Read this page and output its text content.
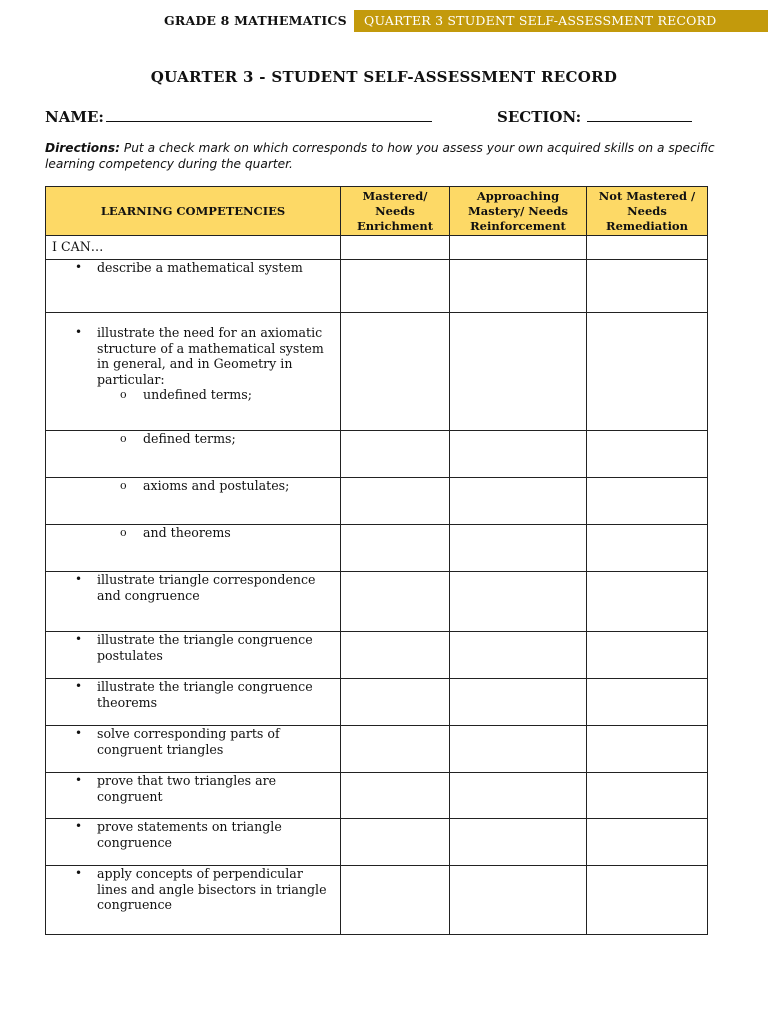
GRADE 8 MATHEMATICS	QUARTER 3 STUDENT SELF-ASSESSMENT RECORD
QUARTER 3 - STUDENT SELF-ASSESSMENT RECORD
NAME:	SECTION:
Directions: Put a check mark on which corresponds to how you assess your own acquired skills on a specific learning competency during the quarter.
LEARNING COMPETENCIES	Mastered/ Needs Enrichment	Approaching Mastery/ Needs Reinforcement	Not Mastered / Needs Remediation

I CAN…			

• describe a mathematical system			

• illustrate the need for an axiomatic structure of a mathematical system in general, and in Geometry in particular:
o undefined terms;			

o defined terms;			

o axioms and postulates;			

o and theorems			

• illustrate triangle correspondence and congruence			

• illustrate the triangle congruence postulates			

• illustrate the triangle congruence theorems			

• solve corresponding parts of congruent triangles			

• prove that two triangles are congruent			

• prove statements on triangle congruence			

• apply concepts of perpendicular lines and angle bisectors in triangle congruence			
